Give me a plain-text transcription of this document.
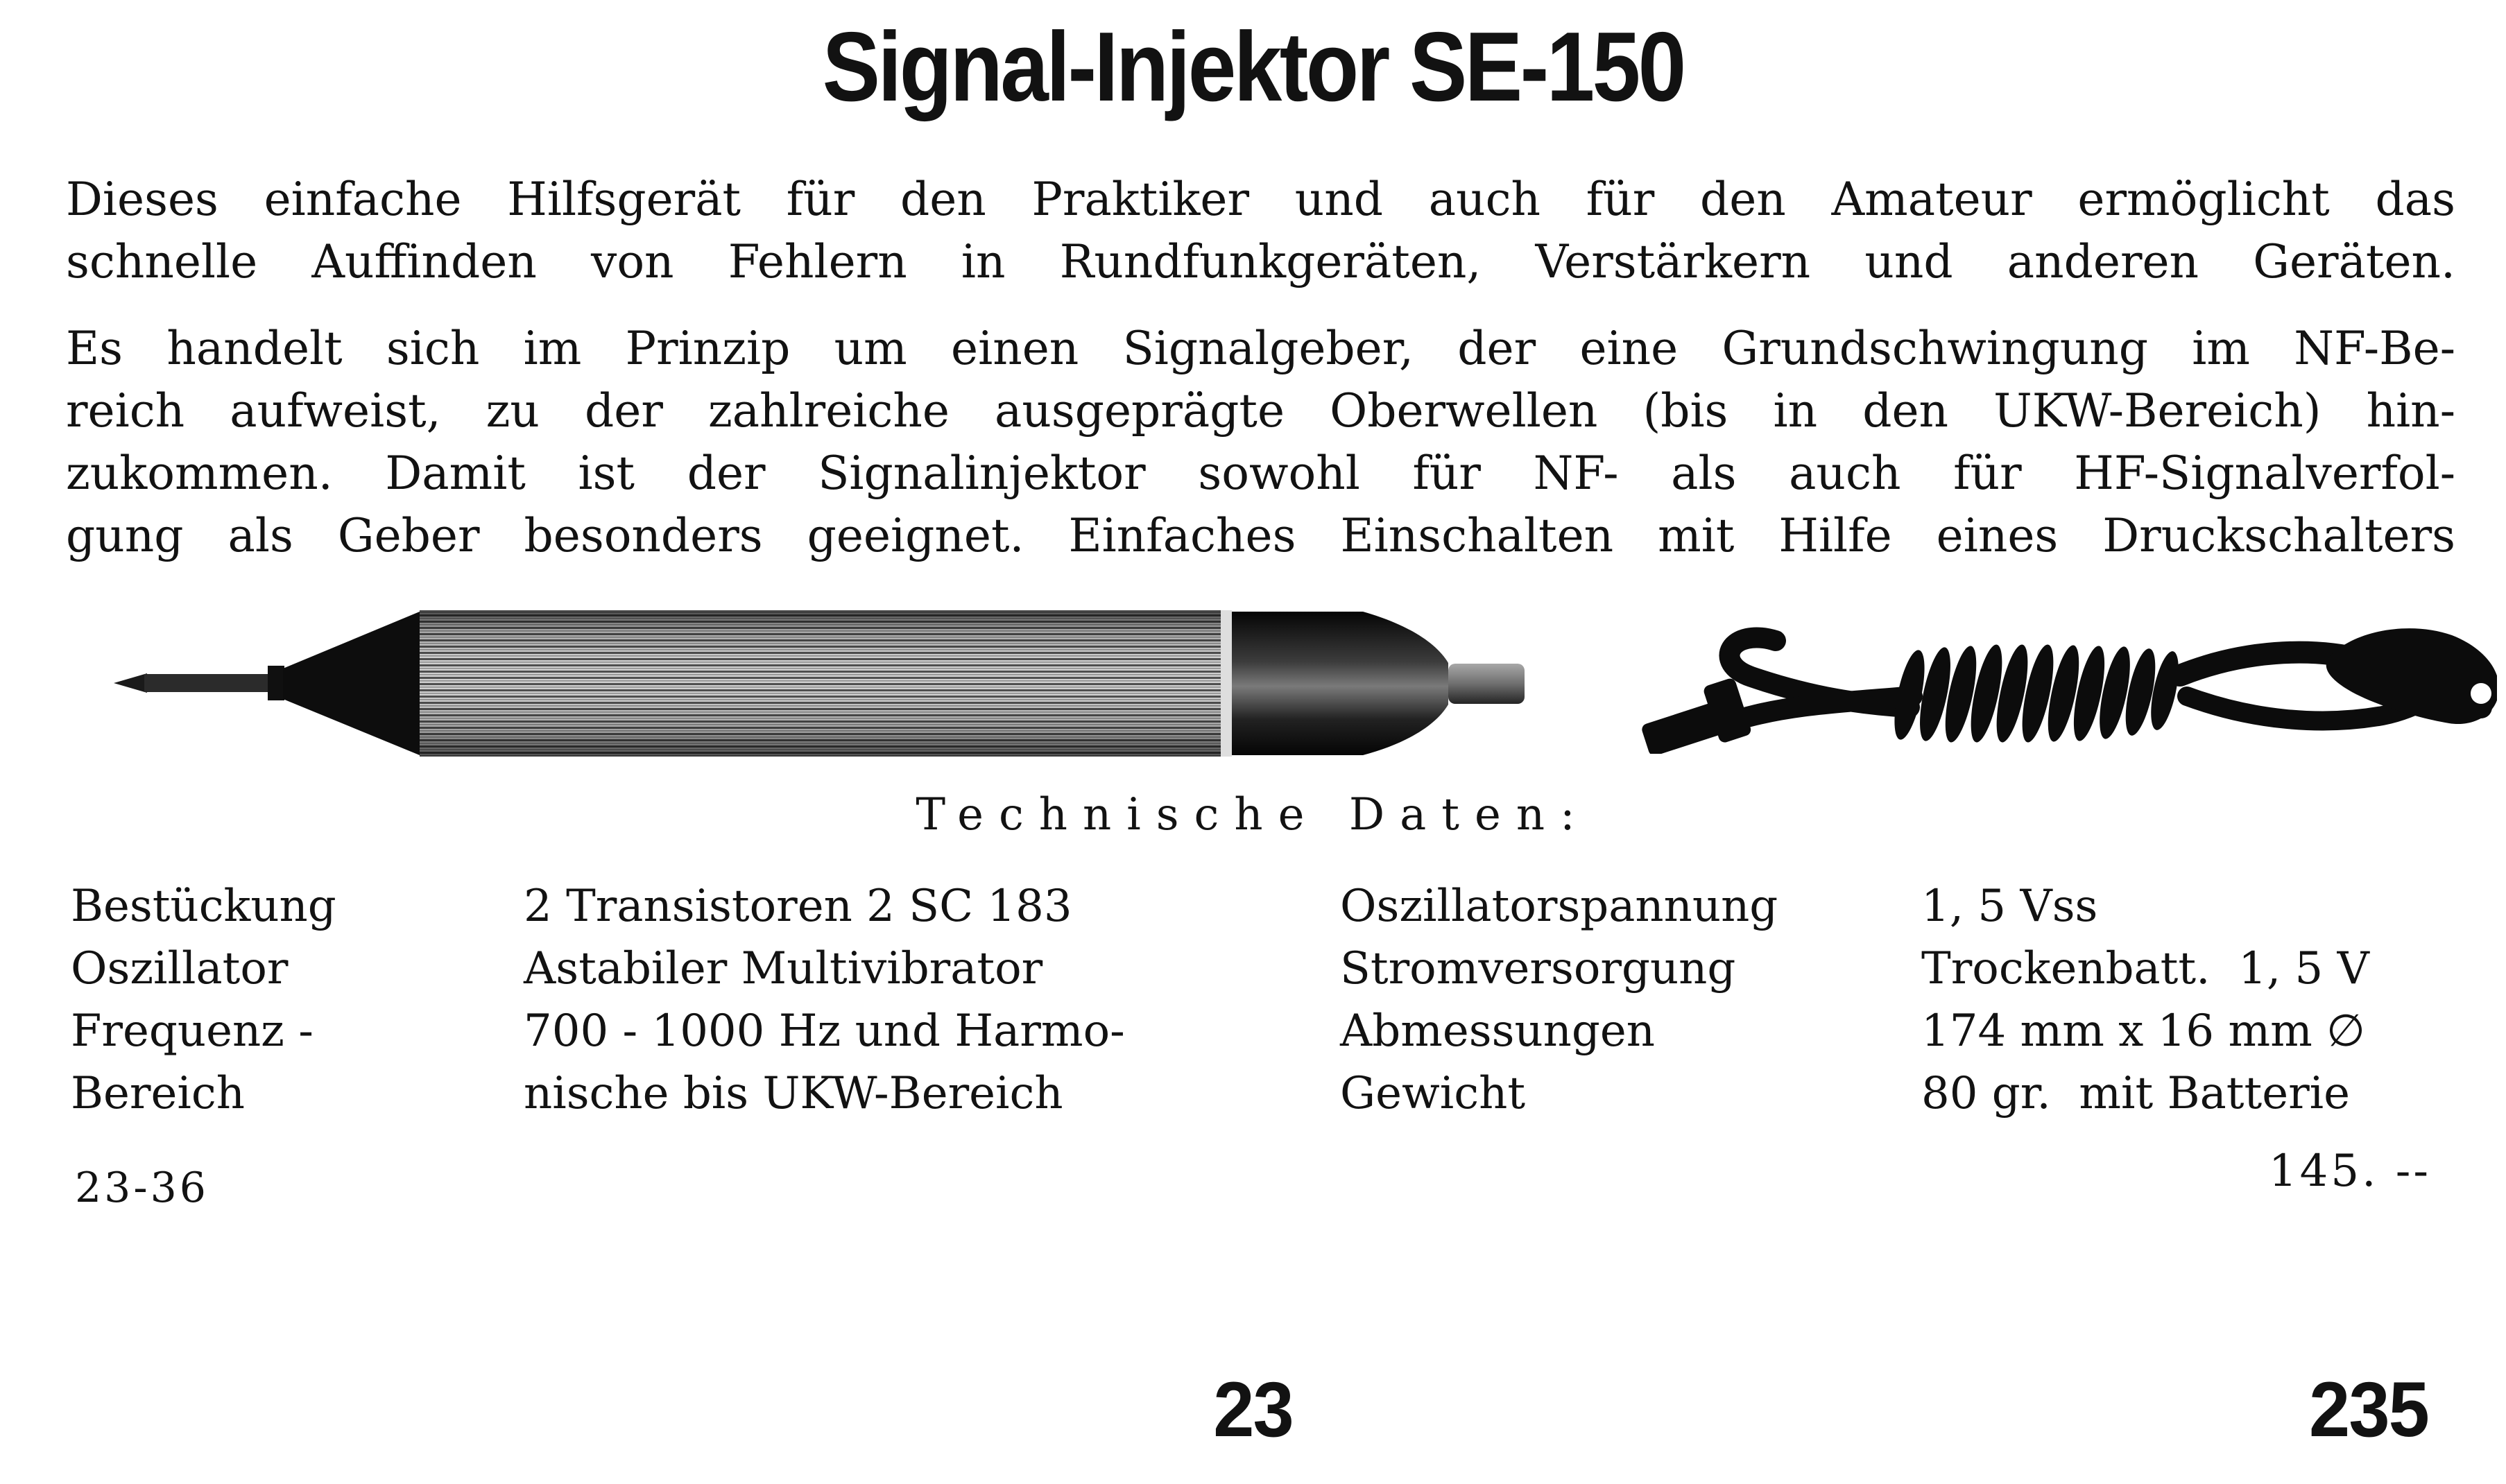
Signal-Injektor SE-150
Dieses einfache Hilfsgerät für den Praktiker und auch für den Amateur ermöglicht das
schnelle Auffinden von Fehlern in Rundfunkgeräten, Verstärkern und anderen Geräten.
Es handelt sich im Prinzip um einen Signalgeber, der eine Grundschwingung im NF-Be-
reich aufweist, zu der zahlreiche ausgeprägte Oberwellen (bis in den UKW-Bereich) hin-
zukommen. Damit ist der Signalinjektor sowohl für NF- als auch für HF-Signalverfol-
gung als Geber besonders geeignet. Einfaches Einschalten mit Hilfe eines Druckschalters
Technische Daten:
Bestückung	2 Transistoren 2 SC 183
Oszillator	Astabiler Multivibrator
Frequenz -	700 - 1000 Hz und Harmo-
Bereich	nische bis UKW-Bereich
Oszillatorspannung	1, 5 Vss
Stromversorgung	Trockenbatt.  1, 5 V
Abmessungen	174 mm x 16 mm ∅
Gewicht	80 gr.  mit Batterie
23-36	145. --
23	235
